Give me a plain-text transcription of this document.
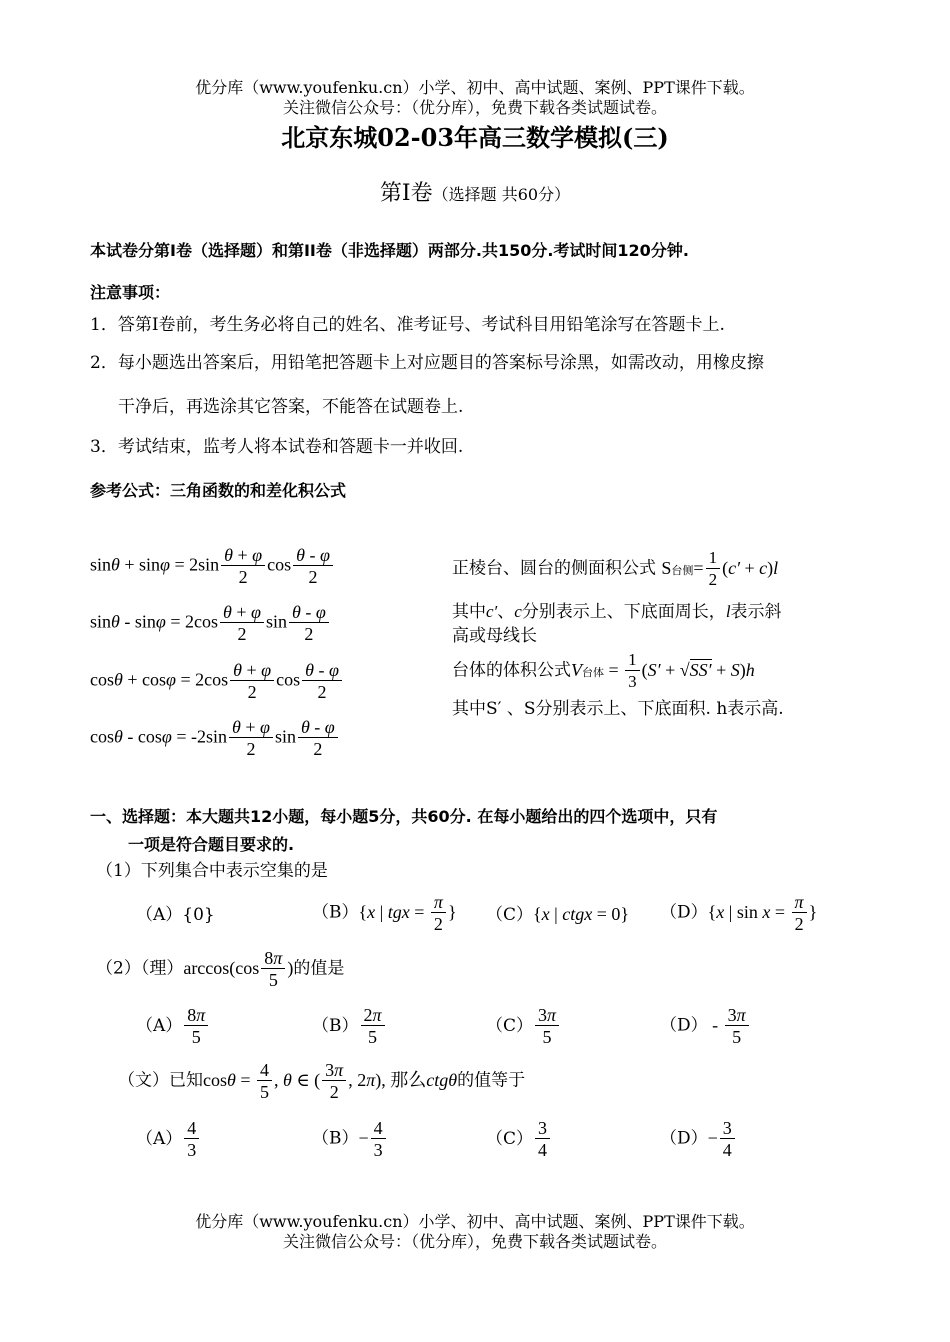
优分库（www.youfenku.cn）小学、初中、高中试题、案例、PPT课件下载。
关注微信公众号：（优分库），免费下载各类试题试卷。
北京东城02-03年高三数学模拟(三)
第I卷（选择题 共60分）
本试卷分第I卷（选择题）和第II卷（非选择题）两部分.共150分.考试时间120分钟.
注意事项：
1．答第I卷前，考生务必将自己的姓名、准考证号、考试科目用铅笔涂写在答题卡上.
2．每小题选出答案后，用铅笔把答题卡上对应题目的答案标号涂黑，如需改动，用橡皮擦
干净后，再选涂其它答案，不能答在试题卷上.
3．考试结束，监考人将本试卷和答题卡一并收回.
参考公式：三角函数的和差化积公式
$\sin\theta + \sin\varphi = 2\sin \frac{\theta + \varphi}{2}$ $\cos \frac{\theta - \varphi}{2}$
$\sin\theta - \sin\varphi = 2\cos \frac{\theta + \varphi}{2}$ $\sin \frac{\theta - \varphi}{2}$
$\cos\theta + \cos\varphi = 2\cos \frac{\theta + \varphi}{2}$ $\cos \frac{\theta - \varphi}{2}$
$\cos\theta - \cos\varphi = -2\sin \frac{\theta + \varphi}{2}$ $\sin \frac{\theta - \varphi}{2}$
正棱台、圆台的侧面积公式 S台侧= $\frac{1}{2} (c' + c)l$
其中c′、c分别表示上、下底面周长，l表示斜
高或母线长
台体的体积公式V台体 = $\frac{1}{3} (S' + √SS' + S)h$
其中S′ 、S分别表示上、下底面积. h表示高.
一、选择题：本大题共12小题，每小题5分，共60分. 在每小题给出的四个选项中，只有
一项是符合题目要求的.
（1）下列集合中表示空集的是
（A）{0}	（B）{x | tgx = $\frac{\pi}{2}$ } （C）{x | ctgx = 0} （D）{x | $\sin x = \frac{\pi}{2}$ }
（2）（理）$\arccos(\cos \frac{8\pi}{5}$ )的值是
$(A) \frac{8\pi}{5}$	$(B) \frac{2\pi}{5}$	$(C) \frac{3\pi}{5}$	$(D) - \frac{3\pi}{5}$
（文）已知$\cos\theta = \frac{4}{5}$ , θ ∈ ( $\frac{3\pi}{2}$ , 2π), 那么ctgθ的值等于
$(A) \frac{4}{3}$	$(B)- \frac{4}{3}$	$(C) \frac{3}{4}$	$(D)- \frac{3}{4}$
优分库（www.youfenku.cn）小学、初中、高中试题、案例、PPT课件下载。
关注微信公众号：（优分库），免费下载各类试题试卷。
